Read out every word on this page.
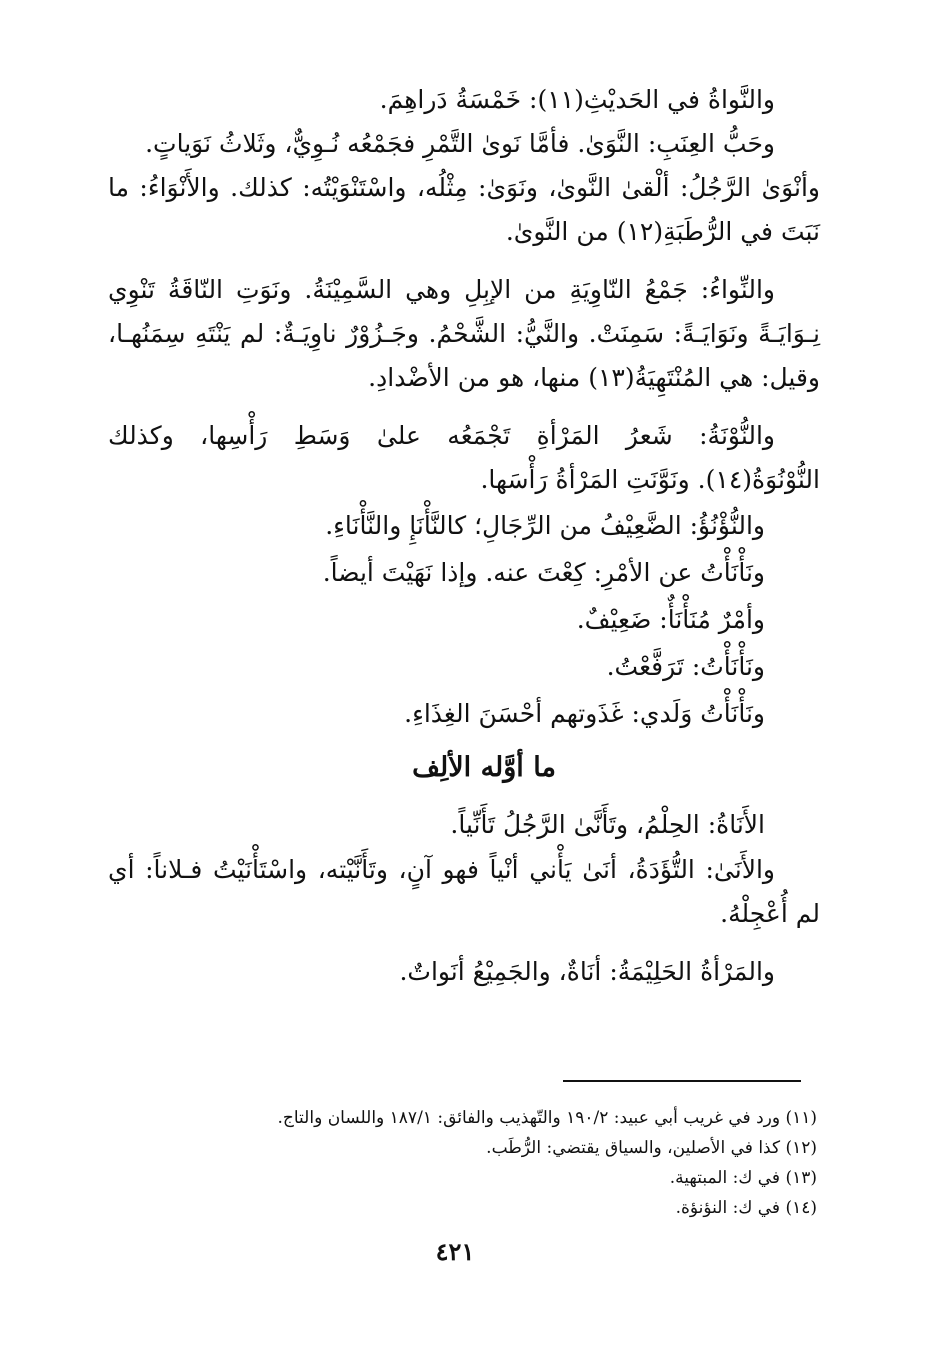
والنَّواةُ في الحَديْثِ(١١): خَمْسَةُ دَراهِمَ.

وحَبُّ العِنَبِ: النَّوَىٰ. فأمَّا نَوىٰ التَّمْرِ فجَمْعُه نُـوِيٌّ، وثَلاثُ نَوَياتٍ.

وأنْوَىٰ الرَّجُلُ: ألْقىٰ النَّوىٰ، ونَوَىٰ: مِثْلُه، واسْتَنْوَيْتُه: كذلك. والأَنْوَاءُ: ما نَبَتَ في الرُّطَبَةِ(١٢) من النَّوىٰ.

والنِّواءُ: جَمْعُ النّاوِيَةِ من الإبِلِ وهي السَّمِيْنَةُ. ونَوَتِ النّاقَةُ تَنْوِي نِـوَايَـةً ونَوَايَـةً: سَمِنَتْ. والنَّيُّ: الشَّحْمُ. وجَـزُوْرٌ ناوِيَـةٌ: لم يَنْتَهِ سِمَنُهـا، وقيل: هي المُنْتَهِيَةُ(١٣) منها، هو من الأضْدادِ.

والنُّوْنَةُ: شَعرُ المَرْأةِ تَجْمَعُه علىٰ وَسَطِ رَأْسِها، وكذلك النُّوْنُوَةُ(١٤). ونَوَّنَتِ المَرْأةُ رَأْسَها.

والنُّؤْنُؤُ: الضَّعِيْفُ من الرِّجَالِ؛ كالنَّأْنَإِ والنَّأْنَاءِ.

ونَأْنَأْتُ عن الأمْرِ: كِعْتَ عنه. وإذا نَهَيْتَ أيضاً.

وأمْرٌ مُنَأْنَأٌ: ضَعِيْفٌ.

ونَأْنَأْتُ: تَرَفَّعْتُ.

ونَأْنَأْتُ وَلَدي: غَذَوتهم أحْسَنَ الغِذَاءِ.

ما أوَّله الألِف

الأَنَاةُ: الحِلْمُ، وتَأَنَّىٰ الرَّجُلُ تَأَنِّياً.

والأَنَىٰ: التُّؤَدَةُ، أنَىٰ يَأْني أنْياً فهو آنٍ، وتَأَنَّيْته، واسْتَأْنَيْتُ فـلاناً: أي لم أُعْجِلْهُ.

والمَرْأةُ الحَلِيْمَةُ: أنَاةٌ، والجَمِيْعُ أنَواتٌ.

(١١) ورد في غريب أبي عبيد: ١٩٠/٢ والتّهذيب والفائق: ١٨٧/١ واللسان والتاج.

(١٢) كذا في الأصلين، والسياق يقتضي: الرُّطَب.

(١٣) في ك: المبتهية.

(١٤) في ك: النؤنؤة.

٤٢١
